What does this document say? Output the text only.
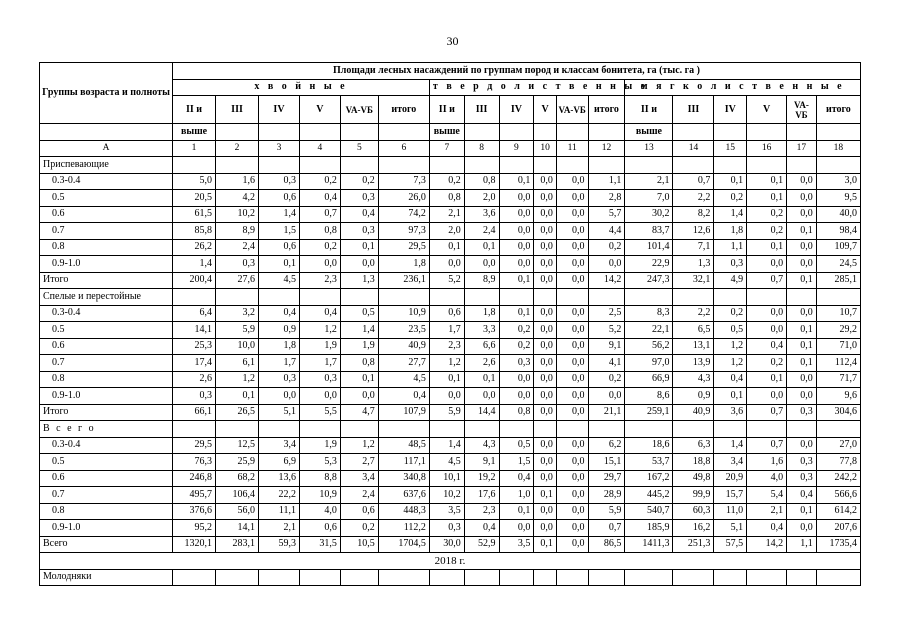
30
Группы возраста и полноты	Площади лесных насаждений по группам пород и классам бонитета, га (тыс. га )																	
	х в о й н ы е						т в е р д о л и с т в е н н ы е						м я г к о л и с т в е н н ы е					
	II и	III	IV	V	VA-VБ	итого	II и	III	IV	V	VA-VБ	итого	II и	III	IV	V	VA-VБ	итого
	выше						выше						выше					
А	1	2	3	4	5	6	7	8	9	10	11	12	13	14	15	16	17	18
Приспевающие																		
0.3-0.4	5,0	1,6	0,3	0,2	0,2	7,3	0,2	0,8	0,1	0,0	0,0	1,1	2,1	0,7	0,1	0,1	0,0	3,0
0.5	20,5	4,2	0,6	0,4	0,3	26,0	0,8	2,0	0,0	0,0	0,0	2,8	7,0	2,2	0,2	0,1	0,0	9,5
0.6	61,5	10,2	1,4	0,7	0,4	74,2	2,1	3,6	0,0	0,0	0,0	5,7	30,2	8,2	1,4	0,2	0,0	40,0
0.7	85,8	8,9	1,5	0,8	0,3	97,3	2,0	2,4	0,0	0,0	0,0	4,4	83,7	12,6	1,8	0,2	0,1	98,4
0.8	26,2	2,4	0,6	0,2	0,1	29,5	0,1	0,1	0,0	0,0	0,0	0,2	101,4	7,1	1,1	0,1	0,0	109,7
0.9-1.0	1,4	0,3	0,1	0,0	0,0	1,8	0,0	0,0	0,0	0,0	0,0	0,0	22,9	1,3	0,3	0,0	0,0	24,5
Итого	200,4	27,6	4,5	2,3	1,3	236,1	5,2	8,9	0,1	0,0	0,0	14,2	247,3	32,1	4,9	0,7	0,1	285,1
Спелые и перестойные																		
0.3-0.4	6,4	3,2	0,4	0,4	0,5	10,9	0,6	1,8	0,1	0,0	0,0	2,5	8,3	2,2	0,2	0,0	0,0	10,7
0.5	14,1	5,9	0,9	1,2	1,4	23,5	1,7	3,3	0,2	0,0	0,0	5,2	22,1	6,5	0,5	0,0	0,1	29,2
0.6	25,3	10,0	1,8	1,9	1,9	40,9	2,3	6,6	0,2	0,0	0,0	9,1	56,2	13,1	1,2	0,4	0,1	71,0
0.7	17,4	6,1	1,7	1,7	0,8	27,7	1,2	2,6	0,3	0,0	0,0	4,1	97,0	13,9	1,2	0,2	0,1	112,4
0.8	2,6	1,2	0,3	0,3	0,1	4,5	0,1	0,1	0,0	0,0	0,0	0,2	66,9	4,3	0,4	0,1	0,0	71,7
0.9-1.0	0,3	0,1	0,0	0,0	0,0	0,4	0,0	0,0	0,0	0,0	0,0	0,0	8,6	0,9	0,1	0,0	0,0	9,6
Итого	66,1	26,5	5,1	5,5	4,7	107,9	5,9	14,4	0,8	0,0	0,0	21,1	259,1	40,9	3,6	0,7	0,3	304,6
В с е г о																		
0.3-0.4	29,5	12,5	3,4	1,9	1,2	48,5	1,4	4,3	0,5	0,0	0,0	6,2	18,6	6,3	1,4	0,7	0,0	27,0
0.5	76,3	25,9	6,9	5,3	2,7	117,1	4,5	9,1	1,5	0,0	0,0	15,1	53,7	18,8	3,4	1,6	0,3	77,8
0.6	246,8	68,2	13,6	8,8	3,4	340,8	10,1	19,2	0,4	0,0	0,0	29,7	167,2	49,8	20,9	4,0	0,3	242,2
0.7	495,7	106,4	22,2	10,9	2,4	637,6	10,2	17,6	1,0	0,1	0,0	28,9	445,2	99,9	15,7	5,4	0,4	566,6
0.8	376,6	56,0	11,1	4,0	0,6	448,3	3,5	2,3	0,1	0,0	0,0	5,9	540,7	60,3	11,0	2,1	0,1	614,2
0.9-1.0	95,2	14,1	2,1	0,6	0,2	112,2	0,3	0,4	0,0	0,0	0,0	0,7	185,9	16,2	5,1	0,4	0,0	207,6
Всего	1320,1	283,1	59,3	31,5	10,5	1704,5	30,0	52,9	3,5	0,1	0,0	86,5	1411,3	251,3	57,5	14,2	1,1	1735,4
2018 г.																		
Молодняки																		
